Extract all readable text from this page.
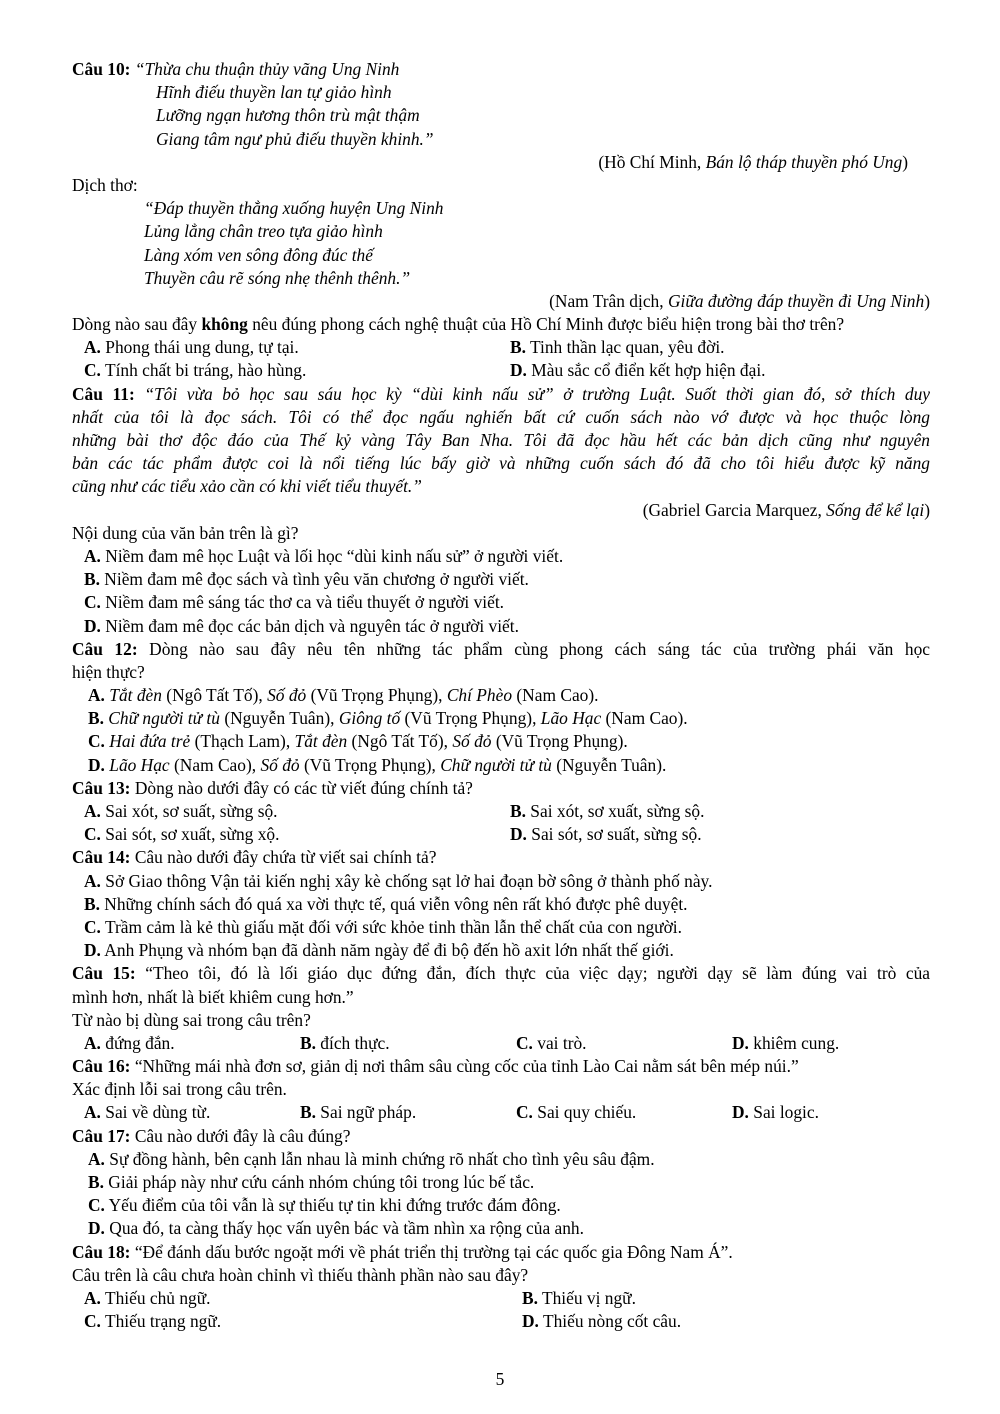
Câu 10: “Thừa chu thuận thủy vãng Ung Ninh
Hĩnh điếu thuyền lan tự giảo hình
Lưỡng ngạn hương thôn trù mật thậm
Giang tâm ngư phủ điếu thuyền khinh.”
(Hồ Chí Minh, Bán lộ tháp thuyền phó Ung)
Dịch thơ:
“Đáp thuyền thẳng xuống huyện Ung Ninh
Lủng lẳng chân treo tựa giảo hình
Làng xóm ven sông đông đúc thế
Thuyền câu rẽ sóng nhẹ thênh thênh.”
(Nam Trân dịch, Giữa đường đáp thuyền đi Ung Ninh)
Dòng nào sau đây không nêu đúng phong cách nghệ thuật của Hồ Chí Minh được biểu hiện trong bài thơ trên?
A. Phong thái ung dung, tự tại.	B. Tinh thần lạc quan, yêu đời.
C. Tính chất bi tráng, hào hùng.	D. Màu sắc cổ điển kết hợp hiện đại.
Câu 11: “Tôi vừa bỏ học sau sáu học kỳ “dùi kinh nấu sử” ở trường Luật. Suốt thời gian đó, sở thích duy
nhất của tôi là đọc sách. Tôi có thể đọc ngấu nghiến bất cứ cuốn sách nào vớ được và học thuộc lòng
những bài thơ độc đáo của Thế kỷ vàng Tây Ban Nha. Tôi đã đọc hầu hết các bản dịch cũng như nguyên
bản các tác phẩm được coi là nổi tiếng lúc bấy giờ và những cuốn sách đó đã cho tôi hiểu được kỹ năng
cũng như các tiểu xảo cần có khi viết tiểu thuyết.”
(Gabriel Garcia Marquez, Sống để kể lại)
Nội dung của văn bản trên là gì?
A. Niềm đam mê học Luật và lối học “dùi kinh nấu sử” ở người viết.
B. Niềm đam mê đọc sách và tình yêu văn chương ở người viết.
C. Niềm đam mê sáng tác thơ ca và tiểu thuyết ở người viết.
D. Niềm đam mê đọc các bản dịch và nguyên tác ở người viết.
Câu 12: Dòng nào sau đây nêu tên những tác phẩm cùng phong cách sáng tác của trường phái văn học
hiện thực?
A. Tắt đèn (Ngô Tất Tố), Số đỏ (Vũ Trọng Phụng), Chí Phèo (Nam Cao).
B. Chữ người tử tù (Nguyễn Tuân), Giông tố (Vũ Trọng Phụng), Lão Hạc (Nam Cao).
C. Hai đứa trẻ (Thạch Lam), Tắt đèn (Ngô Tất Tố), Số đỏ (Vũ Trọng Phụng).
D. Lão Hạc (Nam Cao), Số đỏ (Vũ Trọng Phụng), Chữ người tử tù (Nguyễn Tuân).
Câu 13: Dòng nào dưới đây có các từ viết đúng chính tả?
A. Sai xót, sơ suất, sừng sộ.	B. Sai xót, sơ xuất, sừng sộ.
C. Sai sót, sơ xuất, sừng xộ.	D. Sai sót, sơ suất, sừng sộ.
Câu 14: Câu nào dưới đây chứa từ viết sai chính tả?
A. Sở Giao thông Vận tải kiến nghị xây kè chống sạt lở hai đoạn bờ sông ở thành phố này.
B. Những chính sách đó quá xa vời thực tế, quá viễn vông nên rất khó được phê duyệt.
C. Trầm cảm là kẻ thù giấu mặt đối với sức khỏe tinh thần lẫn thể chất của con người.
D. Anh Phụng và nhóm bạn đã dành năm ngày để đi bộ đến hồ axit lớn nhất thế giới.
Câu 15: “Theo tôi, đó là lối giáo dục đứng đắn, đích thực của việc dạy; người dạy sẽ làm đúng vai trò của
mình hơn, nhất là biết khiêm cung hơn.”
Từ nào bị dùng sai trong câu trên?
A. đứng đắn.	B. đích thực.	C. vai trò.	D. khiêm cung.
Câu 16: “Những mái nhà đơn sơ, giản dị nơi thâm sâu cùng cốc của tỉnh Lào Cai nằm sát bên mép núi.”
Xác định lỗi sai trong câu trên.
A. Sai về dùng từ.	B. Sai ngữ pháp.	C. Sai quy chiếu.	D. Sai logic.
Câu 17: Câu nào dưới đây là câu đúng?
A. Sự đồng hành, bên cạnh lẫn nhau là minh chứng rõ nhất cho tình yêu sâu đậm.
B. Giải pháp này như cứu cánh nhóm chúng tôi trong lúc bế tắc.
C. Yếu điểm của tôi vẫn là sự thiếu tự tin khi đứng trước đám đông.
D. Qua đó, ta càng thấy học vấn uyên bác và tầm nhìn xa rộng của anh.
Câu 18: “Để đánh dấu bước ngoặt mới về phát triển thị trường tại các quốc gia Đông Nam Á”.
Câu trên là câu chưa hoàn chỉnh vì thiếu thành phần nào sau đây?
A. Thiếu chủ ngữ.	B. Thiếu vị ngữ.
C. Thiếu trạng ngữ.	D. Thiếu nòng cốt câu.
5
